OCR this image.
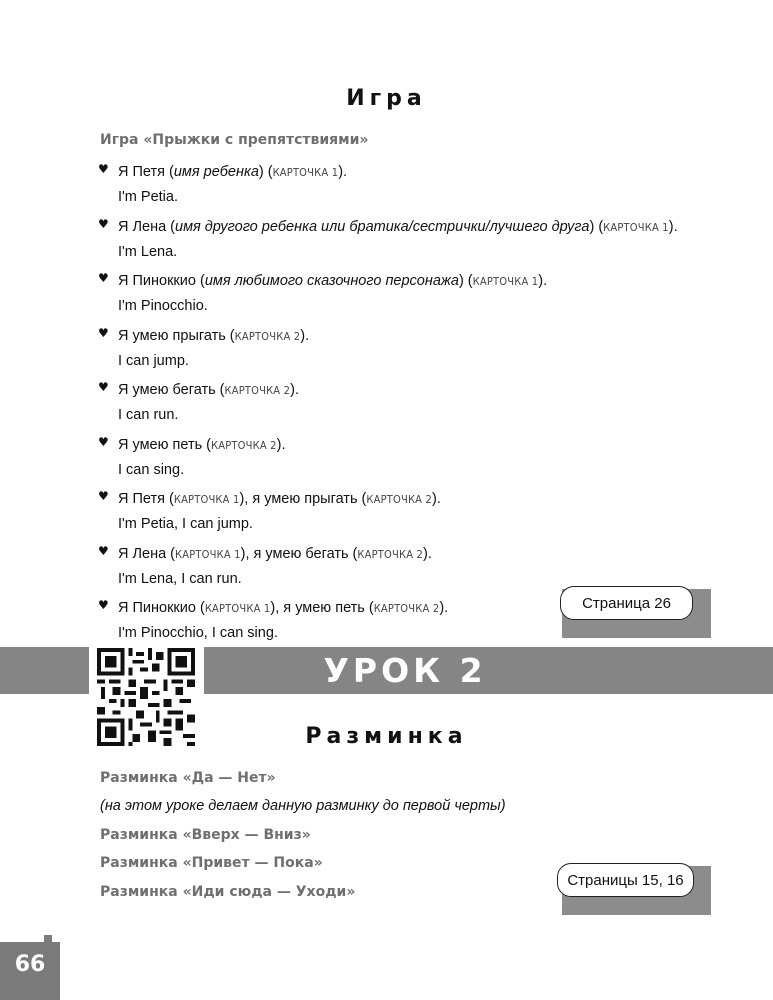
Игра
Игра «Прыжки с препятствиями»
♥ Я Петя (имя ребенка) (КАРТОЧКА 1).
I'm Petia.
♥ Я Лена (имя другого ребенка или братика/сестрички/лучшего друга) (КАРТОЧКА 1).
I'm Lena.
♥ Я Пиноккио (имя любимого сказочного персонажа) (КАРТОЧКА 1).
I'm Pinocchio.
♥ Я умею прыгать (КАРТОЧКА 2).
I can jump.
♥ Я умею бегать (КАРТОЧКА 2).
I can run.
♥ Я умею петь (КАРТОЧКА 2).
I can sing.
♥ Я Петя (КАРТОЧКА 1), я умею прыгать (КАРТОЧКА 2).
I'm Petia, I can jump.
♥ Я Лена (КАРТОЧКА 1), я умею бегать (КАРТОЧКА 2).
I'm Lena, I can run.
♥ Я Пиноккио (КАРТОЧКА 1), я умею петь (КАРТОЧКА 2).
I'm Pinocchio, I can sing.
Страница 26
УРОК 2
Разминка
Разминка «Да — Нет»
(на этом уроке делаем данную разминку до первой черты)
Разминка «Вверх — Вниз»
Разминка «Привет — Пока»
Разминка «Иди сюда — Уходи»
Страницы 15, 16
66
